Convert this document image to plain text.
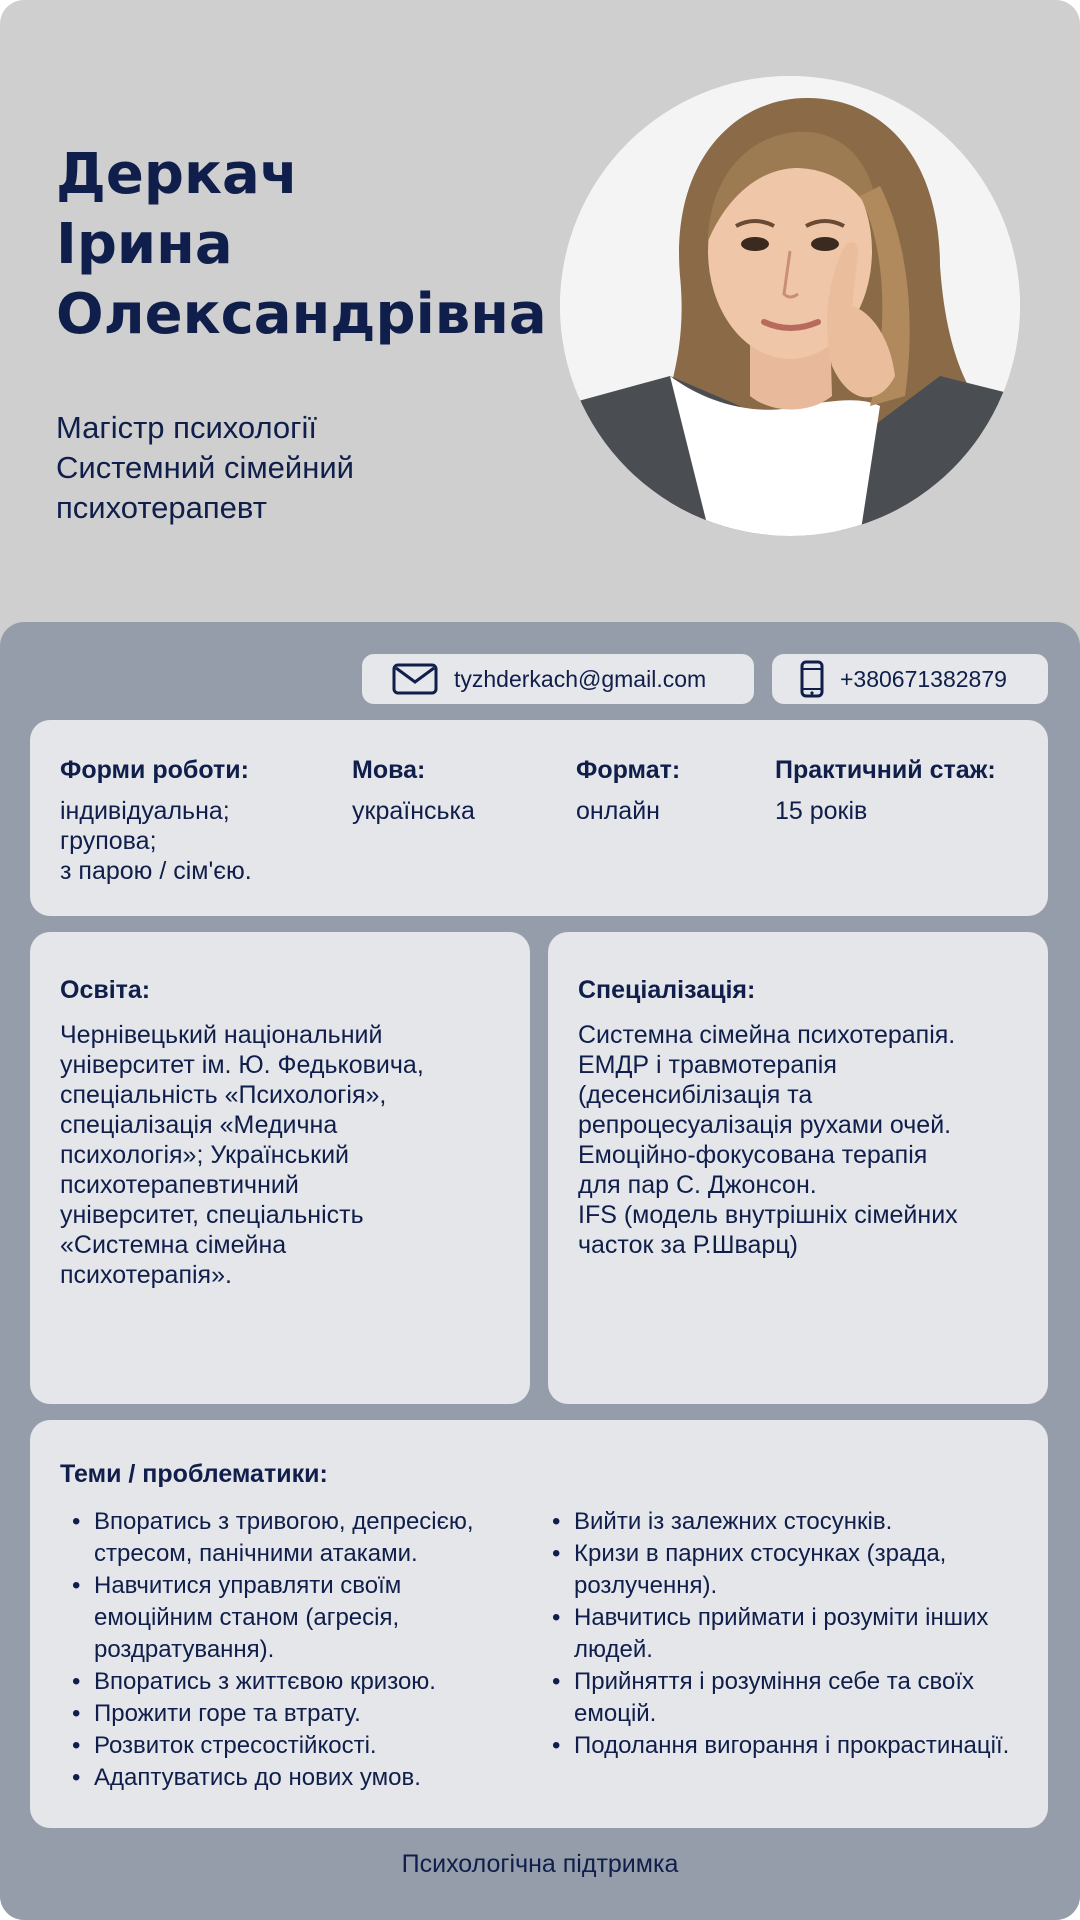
Деркач
Ірина
Олександрівна
Магістр психології
Системний сімейний
психотерапевт
tyzhderkach@gmail.com	+380671382879
Форми роботи:
індивідуальна;
групова;
з парою / сім'єю.
Мова:
українська
Формат:
онлайн
Практичний стаж:
15 років
Освіта:
Чернівецький національний
університет ім. Ю. Федьковича,
спеціальність «Психологія»,
спеціалізація «Медична
психологія»; Український
психотерапевтичний
університет, спеціальність
«Системна сімейна
психотерапія».
Спеціалізація:
Системна сімейна психотерапія.
ЕМДР і травмотерапія
(десенсибілізація та
репроцесуалізація рухами очей.
Емоційно-фокусована терапія
для пар С. Джонсон.
IFS (модель внутрішніх сімейних
часток за Р.Шварц)
Теми / проблематики:
• Впоратись з тривогою, депресією,
стресом, панічними атаками.
• Навчитися управляти своїм
емоційним станом (агресія,
роздратування).
• Впоратись з життєвою кризою.
• Прожити горе та втрату.
• Розвиток стресостійкості.
• Адаптуватись до нових умов.
• Вийти із залежних стосунків.
• Кризи в парних стосунках (зрада,
розлучення).
• Навчитись приймати і розуміти інших
людей.
• Прийняття і розуміння себе та своїх
емоцій.
• Подолання вигорання і прокрастинації.
Психологічна підтримка
